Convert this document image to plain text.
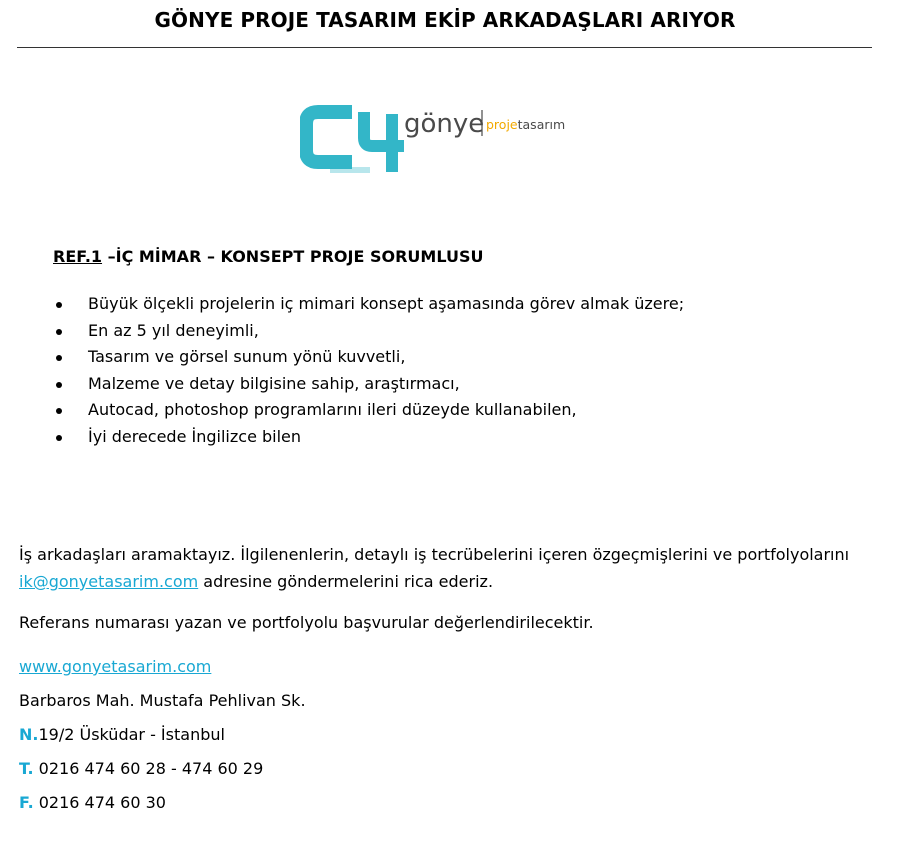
GÖNYE PROJE TASARIM EKİP ARKADAŞLARI ARIYOR
gönye projetasarım
REF.1 –İÇ MİMAR – KONSEPT PROJE SORUMLUSU
Büyük ölçekli projelerin iç mimari konsept aşamasında görev almak üzere;
En az 5 yıl deneyimli,
Tasarım ve görsel sunum yönü kuvvetli,
Malzeme ve detay bilgisine sahip, araştırmacı,
Autocad, photoshop programlarını ileri düzeyde kullanabilen,
İyi derecede İngilizce bilen
İş arkadaşları aramaktayız. İlgilenenlerin, detaylı iş tecrübelerini içeren özgeçmişlerini ve portfolyolarını
ik@gonyetasarim.com adresine göndermelerini rica ederiz.
Referans numarası yazan ve portfolyolu başvurular değerlendirilecektir.
www.gonyetasarim.com
Barbaros Mah. Mustafa Pehlivan Sk.
N.19/2 Üsküdar - İstanbul
T. 0216 474 60 28 - 474 60 29
F. 0216 474 60 30
